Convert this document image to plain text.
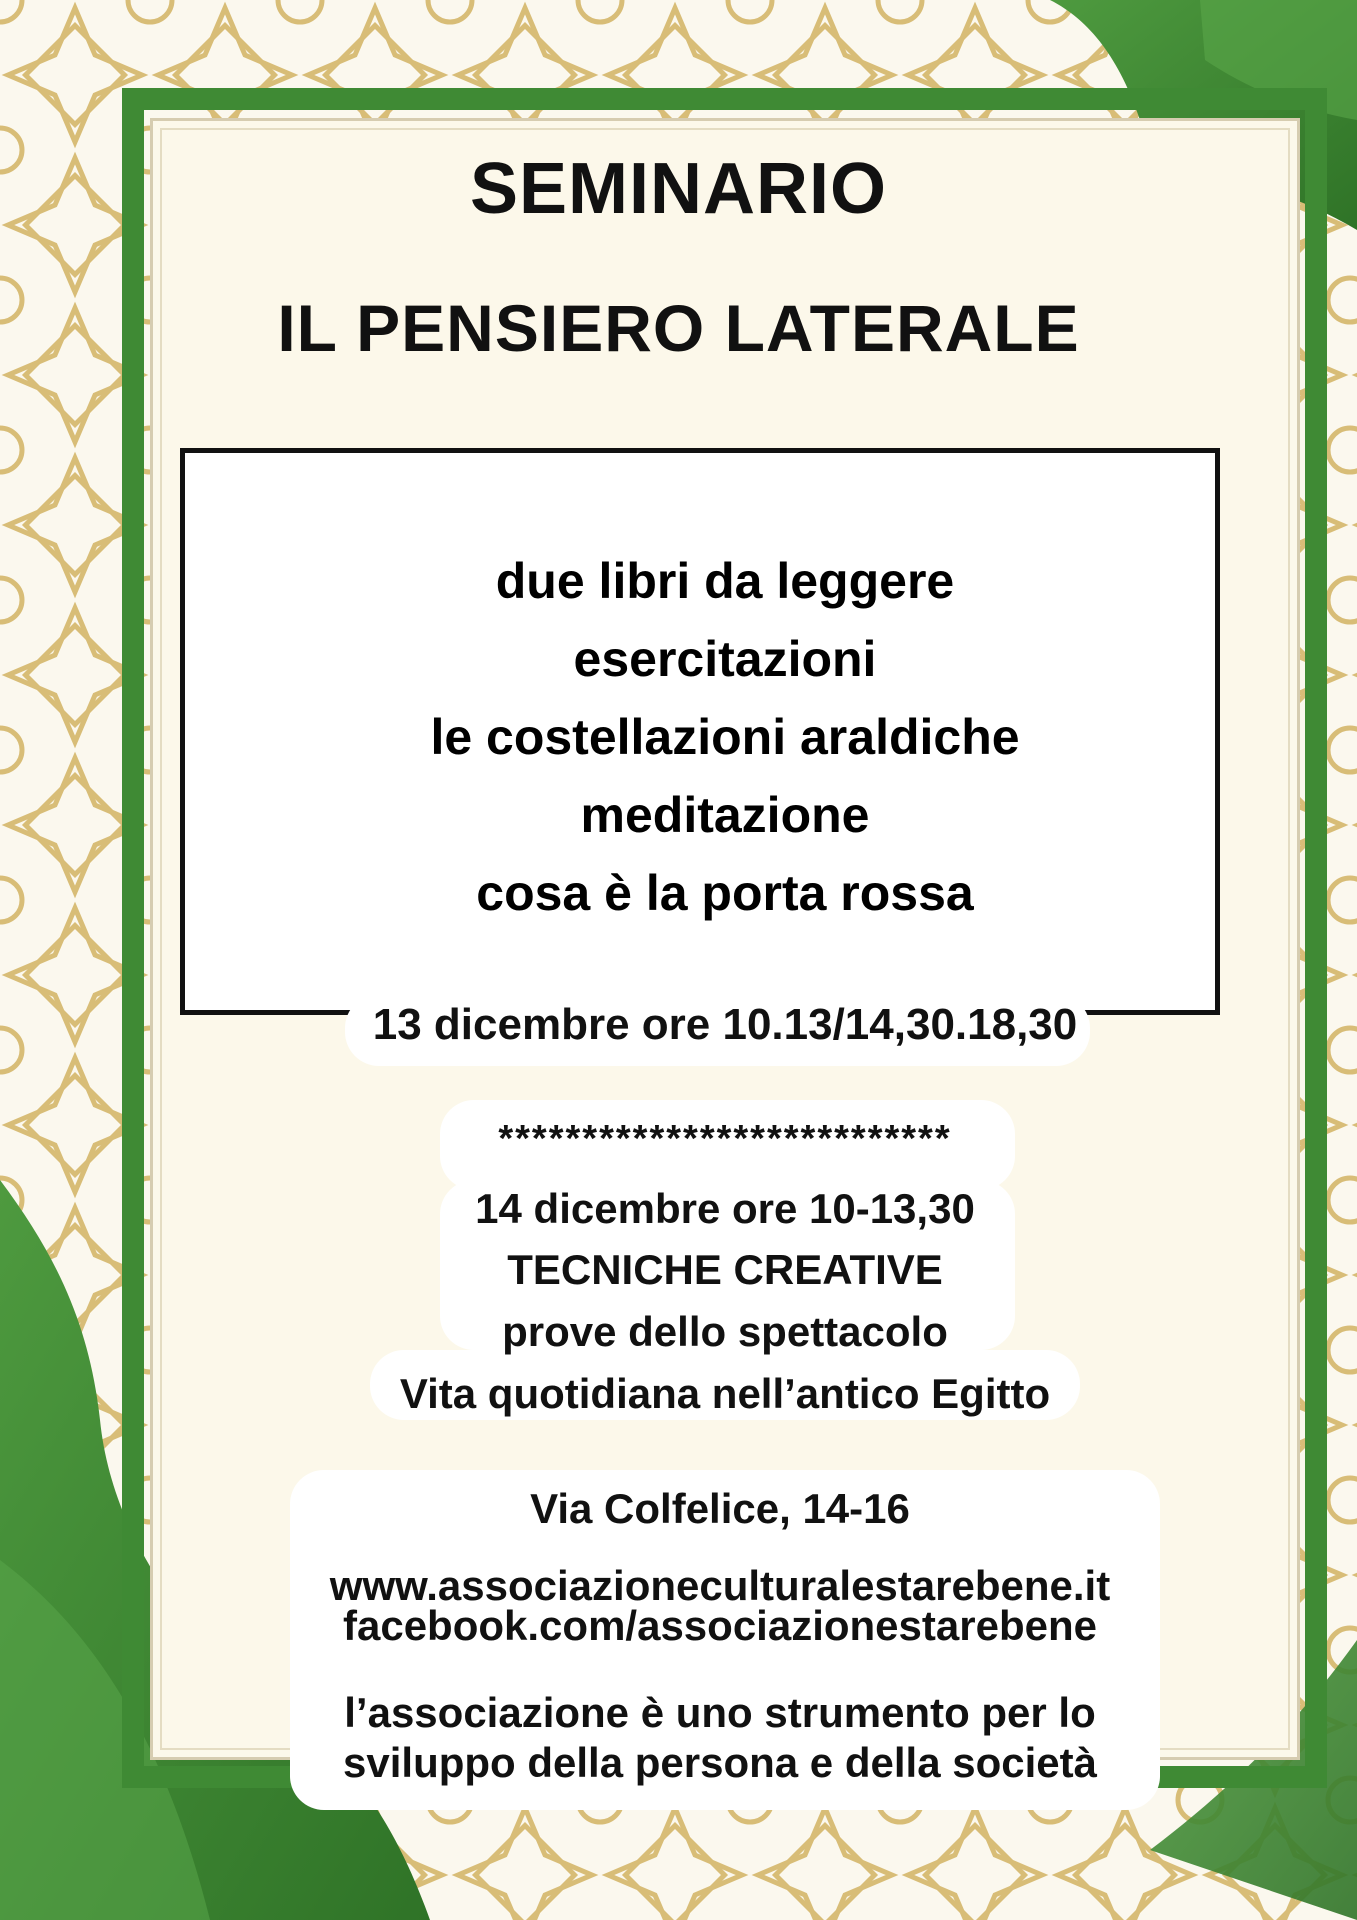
SEMINARIO
IL PENSIERO LATERALE
due libri da leggere
esercitazioni
le costellazioni araldiche
meditazione
cosa è la porta rossa
13 dicembre ore 10.13/14,30.18,30
***************************
14 dicembre ore 10-13,30
TECNICHE CREATIVE
prove dello spettacolo
Vita quotidiana nell’antico Egitto
Via Colfelice, 14-16
www.associazioneculturalestarebene.it
facebook.com/associazionestarebene
l’associazione è uno strumento per lo
sviluppo della persona e della società
